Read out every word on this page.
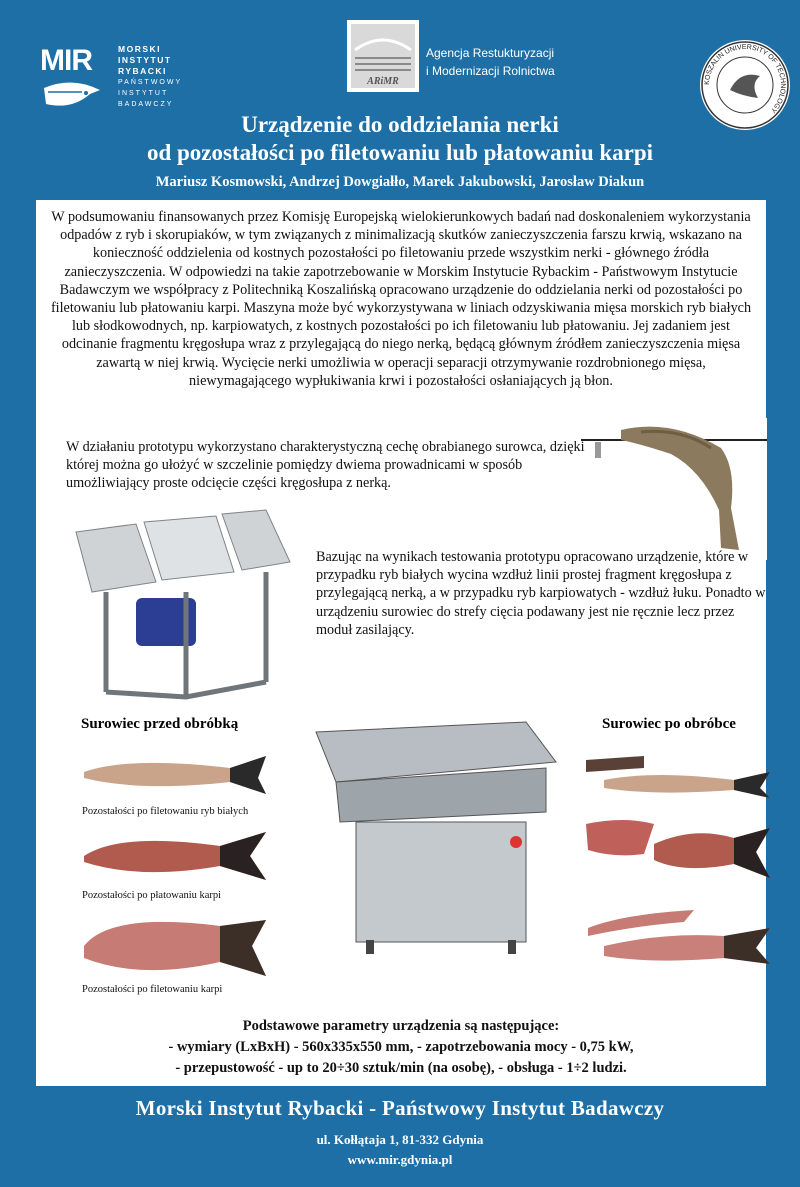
MIR	MORSKI
INSTYTUT
RYBACKI
PAŃSTWOWY
INSTYTUT
BADAWCZY
ARiMR
Agencja Restukturyzacji
i Modernizacji Rolnictwa
KOSZALIN UNIVERSITY OF TECHNOLOGY
Urządzenie do oddzielania nerki
od pozostałości po filetowaniu lub płatowaniu karpi
Mariusz Kosmowski, Andrzej Dowgiałło, Marek Jakubowski, Jarosław Diakun
W podsumowaniu finansowanych przez Komisję Europejską wielokierunkowych badań nad doskonaleniem wykorzystania odpadów z ryb i skorupiaków, w tym związanych z minimalizacją skutków zanieczyszczenia farszu krwią, wskazano na konieczność oddzielenia od kostnych pozostałości po filetowaniu przede wszystkim nerki - głównego źródła zanieczyszczenia. W odpowiedzi na takie zapotrzebowanie w Morskim Instytucie Rybackim - Państwowym Instytucie Badawczym we współpracy z Politechniką Koszalińską opracowano urządzenie do oddzielania nerki od pozostałości po filetowaniu lub płatowaniu karpi. Maszyna może być wykorzystywana w liniach odzyskiwania mięsa morskich ryb białych lub słodkowodnych, np. karpiowatych, z kostnych pozostałości po ich filetowaniu lub płatowaniu. Jej zadaniem jest odcinanie fragmentu kręgosłupa wraz z przylegającą do niego nerką, będącą głównym źródłem zanieczyszczenia mięsa zawartą w niej krwią. Wycięcie nerki umożliwia w operacji separacji otrzymywanie rozdrobnionego mięsa, niewymagającego wypłukiwania krwi i pozostałości osłaniających ją błon.
W działaniu prototypu wykorzystano charakterystyczną cechę obrabianego surowca, dzięki której można go ułożyć w szczelinie pomiędzy dwiema prowadnicami w sposób umożliwiający proste odcięcie części kręgosłupa z nerką.
Bazując na wynikach testowania prototypu opracowano urządzenie, które w przypadku ryb białych wycina wzdłuż linii prostej fragment kręgosłupa z przylegającą nerką, a w przypadku ryb karpiowatych - wzdłuż łuku. Ponadto w urządzeniu surowiec do strefy cięcia podawany jest nie ręcznie lecz przez moduł zasilający.
Surowiec przed obróbką	Surowiec po obróbce
Pozostałości po filetowaniu ryb białych
Pozostałości po płatowaniu karpi
Pozostałości po filetowaniu karpi
Podstawowe parametry urządzenia są następujące:
- wymiary (LxBxH) - 560x335x550 mm, - zapotrzebowania mocy - 0,75 kW,
- przepustowość - up to 20÷30 sztuk/min (na osobę), - obsługa - 1÷2 ludzi.
Morski Instytut Rybacki - Państwowy Instytut Badawczy
ul. Kołłątaja 1, 81-332 Gdynia
www.mir.gdynia.pl
